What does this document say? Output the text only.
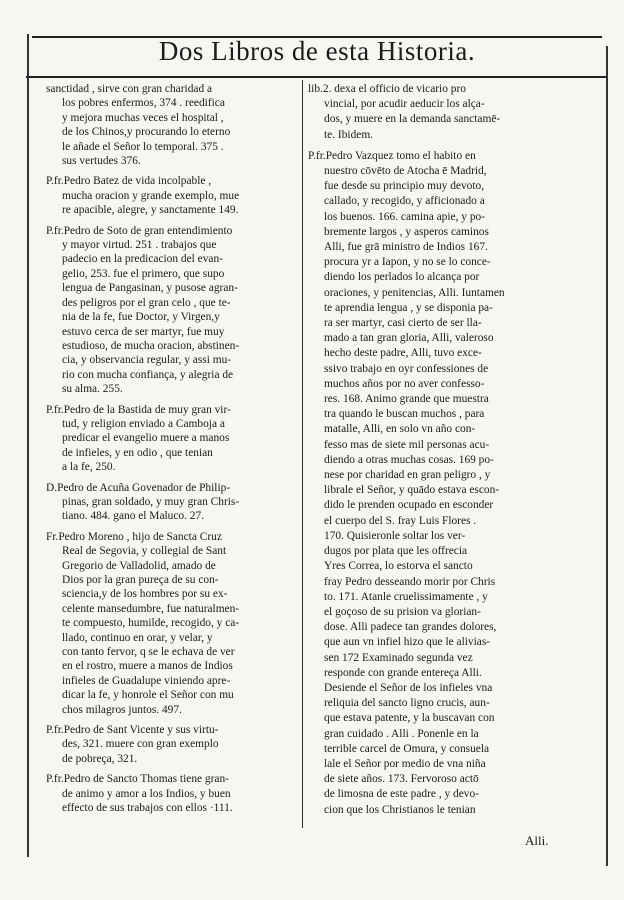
Dos Libros de esta Historia.
sanctidad , sirve con gran charidad a
los pobres enfermos, 374 . reedifica
y mejora muchas veces el hospital ,
de los Chinos,y procurando lo eterno
le añade el Señor lo temporal. 375 .
sus vertudes 376.
P.fr.Pedro Batez de vida incolpable ,
mucha oracion y grande exemplo, mue
re apacible, alegre, y sanctamente 149.
P.fr.Pedro de Soto de gran entendimiento
y mayor virtud. 251 . trabajos que
padecio en la predicacion del evan-
gelio, 253. fue el primero, que supo
lengua de Pangasinan, y pusose agran-
des peligros por el gran celo , que te-
nia de la fe, fue Doctor, y Virgen,y
estuvo cerca de ser martyr, fue muy
estudioso, de mucha oracion, abstinen-
cia, y observancia regular, y assi mu-
rio con mucha confiança, y alegria de
su alma. 255.
P.fr.Pedro de la Bastida de muy gran vir-
tud, y religion enviado a Camboja a
predicar el evangelio muere a manos
de infieles, y en odio , que tenian
a la fe, 250.
D.Pedro de Acuña Govenador de Philip-
pinas, gran soldado, y muy gran Chris-
tiano. 484. gano el Maluco. 27.
Fr.Pedro Moreno , hijo de Sancta Cruz
Real de Segovia, y collegial de Sant
Gregorio de Valladolid, amado de
Dios por la gran pureça de su con-
sciencia,y de los hombres por su ex-
celente mansedumbre, fue naturalmen-
te compuesto, humilde, recogido, y ca-
llado, continuo en orar, y velar, y
con tanto fervor, q se le echava de ver
en el rostro, muere a manos de Indios
infieles de Guadalupe viniendo apre-
dicar la fe, y honrole el Señor con mu
chos milagros juntos. 497.
P.fr.Pedro de Sant Vicente y sus virtu-
des, 321. muere con gran exemplo
de pobreça, 321.
P.fr.Pedro de Sancto Thomas tiene gran-
de animo y amor a los Indios, y buen
effecto de sus trabajos con ellos ·111.
lib.2. dexa el officio de vicario pro
vincial, por acudir aeducir los alça-
dos, y muere en la demanda sanctamē-
te. Ibidem.
P.fr.Pedro Vazquez tomo el habito en
nuestro cōvēto de Atocha ē Madrid,
fue desde su principio muy devoto,
callado, y recogido, y afficionado a
los buenos. 166. camina apie, y po-
bremente largos , y asperos caminos
Alli, fue grā ministro de Indios 167.
procura yr a Iapon, y no se lo conce-
diendo los perlados lo alcança por
oraciones, y penitencias, Alli. Iuntamen
te aprendia lengua , y se disponia pa-
ra ser martyr, casi cierto de ser lla-
mado a tan gran gloria, Alli, valeroso
hecho deste padre, Alli, tuvo exce-
ssivo trabajo en oyr confessiones de
muchos años por no aver confesso-
res. 168. Animo grande que muestra
tra quando le buscan muchos , para
matalle, Alli, en solo vn año con-
fesso mas de siete mil personas acu-
diendo a otras muchas cosas. 169 po-
nese por charidad en gran peligro , y
librale el Señor, y quādo estava escon-
dido le prenden ocupado en esconder
el cuerpo del S. fray Luis Flores .
170. Quisieronle soltar los ver-
dugos por plata que les offrecia
Yres Correa, lo estorva el sancto
fray Pedro desseando morir por Chris
to. 171. Atanle cruelissimamente , y
el goçoso de su prision va glorian-
dose. Alli padece tan grandes dolores,
que aun vn infiel hizo que le alivias-
sen 172 Examinado segunda vez
responde con grande entereça Alli.
Desiende el Señor de los infieles vna
reliquia del sancto ligno crucis, aun-
que estava patente, y la buscavan con
gran cuidado . Alli . Ponenle en la
terrible carcel de Omura, y consuela
lale el Señor por medio de vna niña
de siete años. 173. Fervoroso actō
de limosna de este padre , y devo-
cion que los Christianos le tenian
Alli.
